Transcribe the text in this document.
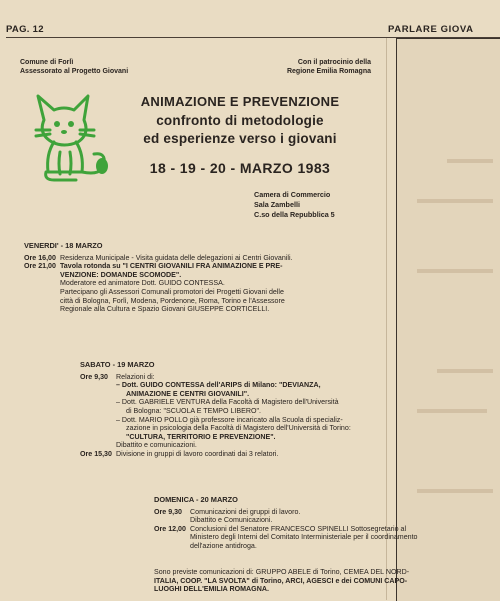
PAG. 12	PARLARE GIOVA
Comune di Forlì
Assessorato al Progetto Giovani
Con il patrocinio della
Regione Emilia Romagna
ANIMAZIONE E PREVENZIONE
confronto di metodologie
ed esperienze verso i giovani
18 - 19 - 20 - MARZO 1983
Camera di Commercio
Sala Zambelli
C.so della Repubblica 5
VENERDI' - 18 MARZO
Ore 16,00 Residenza Municipale - Visita guidata delle delegazioni ai Centri Giovanili.
Ore 21,00 Tavola rotonda su "I CENTRI GIOVANILI FRA ANIMAZIONE E PRE-
VENZIONE: DOMANDE SCOMODE".
Moderatore ed animatore Dott. GUIDO CONTESSA.
Partecipano gli Assessori Comunali promotori dei Progetti Giovani delle
città di Bologna, Forlì, Modena, Pordenone, Roma, Torino e l'Assessore
Regionale alla Cultura e Spazio Giovani GIUSEPPE CORTICELLI.
SABATO - 19 MARZO
Ore 9,30	Relazioni di:
– Dott. GUIDO CONTESSA dell'ARIPS di Milano: "DEVIANZA,
ANIMAZIONE E CENTRI GIOVANILI".
– Dott. GABRIELE VENTURA della Facoltà di Magistero dell'Università
di Bologna: "SCUOLA E TEMPO LIBERO".
– Dott. MARIO POLLO già professore incaricato alla Scuola di specializ-
zazione in psicologia della Facoltà di Magistero dell'Università di Torino:
"CULTURA, TERRITORIO E PREVENZIONE".
Dibattito e comunicazioni.
Ore 15,30 Divisione in gruppi di lavoro coordinati dai 3 relatori.
DOMENICA - 20 MARZO
Ore 9,30	Comunicazioni dei gruppi di lavoro.
Dibattito e Comunicazioni.
Ore 12,00 Conclusioni del Senatore FRANCESCO SPINELLI Sottosegretario al
Ministero degli Interni del Comitato Interministeriale per il coordinamento
dell'azione antidroga.
Sono previste comunicazioni di: GRUPPO ABELE di Torino, CEMEA DEL NORD-
ITALIA, COOP. "LA SVOLTA" di Torino, ARCI, AGESCI e dei COMUNI CAPO-
LUOGHI DELL'EMILIA ROMAGNA.
